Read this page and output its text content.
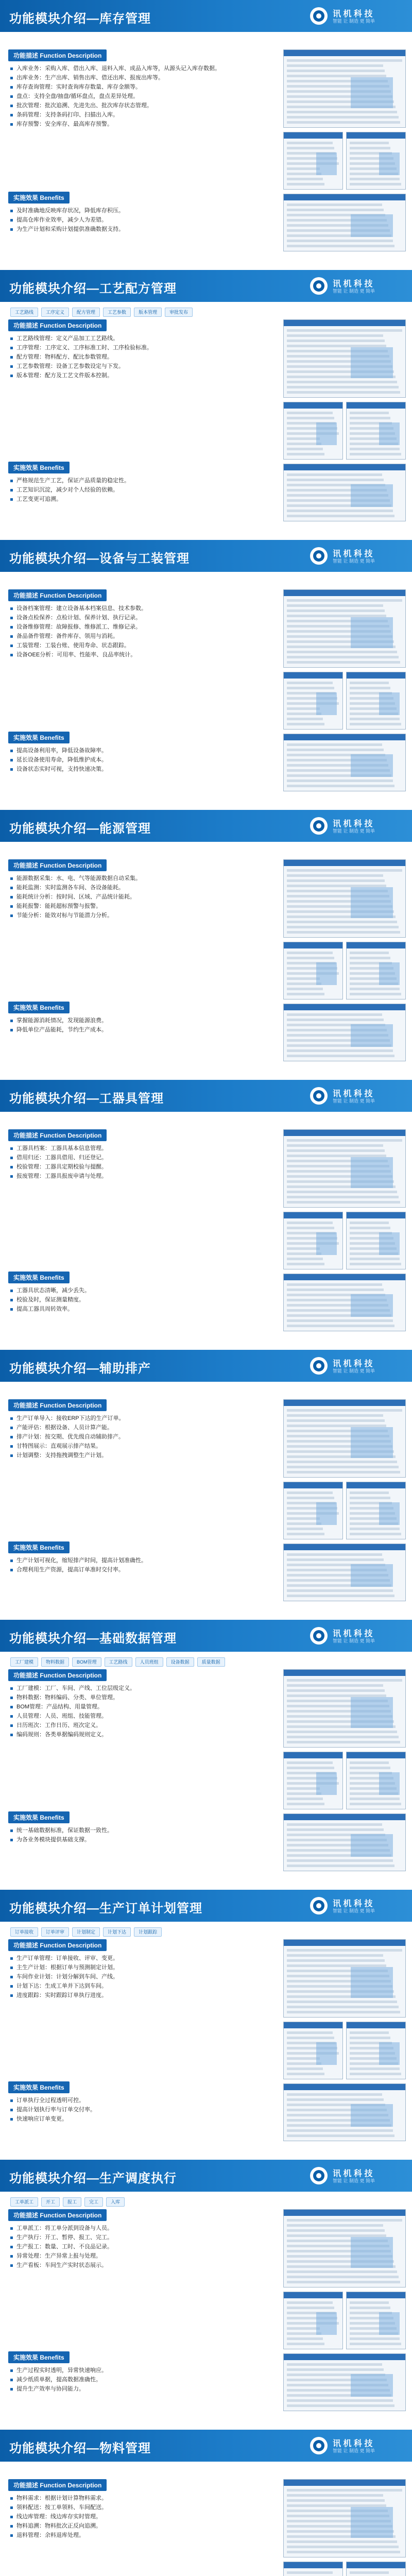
功能模块介绍—库存管理	讯 机 科 技
智能 让 制造 更 简单
功能描述 Function Description
入库业务：采购入库、借出入库、退料入库、成品入库等，从源头记入库存数据。
出库业务：生产出库、销售出库、借还出库、报废出库等。
库存查询管理：实时查询库存数量、库存金额等。
盘点：支持全盘/抽盘/循环盘点，盘点差异处理。
批次管理：批次追溯、先进先出、批次库存状态管理。
条码管理：支持条码打印、扫描出入库。
库存预警：安全库存、最高库存预警。
实施效果 Benefits
及时准确地反映库存状况，降低库存积压。
提高仓库作业效率，减少人为差错。
为生产计划和采购计划提供准确数据支持。
功能模块介绍—工艺配方管理	讯 机 科 技
智能 让 制造 更 简单
工艺路线	工序定义	配方管理	工艺参数	版本管理	审批发布
功能描述 Function Description
工艺路线管理：定义产品加工工艺路线。
工序管理：工序定义、工序标准工时、工序检验标准。
配方管理：物料配方、配比参数管理。
工艺参数管理：设备工艺参数设定与下发。
版本管理：配方及工艺文件版本控制。
实施效果 Benefits
严格规范生产工艺，保证产品质量的稳定性。
工艺知识沉淀，减少对个人经验的依赖。
工艺变更可追溯。
功能模块介绍—设备与工装管理	讯 机 科 技
智能 让 制造 更 简单
功能描述 Function Description
设备档案管理：建立设备基本档案信息、技术参数。
设备点检保养：点检计划、保养计划、执行记录。
设备维修管理：故障报修、维修派工、维修记录。
备品备件管理：备件库存、领用与消耗。
工装管理：工装台账、使用寿命、状态跟踪。
设备OEE分析：可用率、性能率、良品率统计。
实施效果 Benefits
提高设备利用率，降低设备故障率。
延长设备使用寿命，降低维护成本。
设备状态实时可视，支持快速决策。
功能模块介绍—能源管理	讯 机 科 技
智能 让 制造 更 简单
功能描述 Function Description
能源数据采集：水、电、气等能源数据自动采集。
能耗监测：实时监测各车间、各设备能耗。
能耗统计分析：按时间、区域、产品统计能耗。
能耗报警：能耗超标预警与报警。
节能分析：能效对标与节能潜力分析。
实施效果 Benefits
掌握能源消耗情况，发现能源浪费。
降低单位产品能耗，节约生产成本。
功能模块介绍—工器具管理	讯 机 科 技
智能 让 制造 更 简单
功能描述 Function Description
工器具档案：工器具基本信息管理。
借用归还：工器具借用、归还登记。
校验管理：工器具定期校验与提醒。
报废管理：工器具报废申请与处理。
实施效果 Benefits
工器具状态清晰，减少丢失。
校验及时，保证测量精度。
提高工器具周转效率。
功能模块介绍—辅助排产	讯 机 科 技
智能 让 制造 更 简单
功能描述 Function Description
生产订单导入：接收ERP下达的生产订单。
产能评估：根据设备、人员计算产能。
排产计划：按交期、优先级自动辅助排产。
甘特图展示：直观展示排产结果。
计划调整：支持拖拽调整生产计划。
实施效果 Benefits
生产计划可视化，缩短排产时间，提高计划准确性。
合理利用生产资源，提高订单准时交付率。
功能模块介绍—基础数据管理	讯 机 科 技
智能 让 制造 更 简单
工厂建模	物料数据	BOM管理	工艺路线	人员班组	设备数据	质量数据
功能描述 Function Description
工厂建模：工厂、车间、产线、工位层级定义。
物料数据：物料编码、分类、单位管理。
BOM管理：产品结构、用量管理。
人员管理：人员、班组、技能管理。
日历班次：工作日历、班次定义。
编码规则：各类单据编码规则定义。
实施效果 Benefits
统一基础数据标准，保证数据一致性。
为各业务模块提供基础支撑。
功能模块介绍—生产订单计划管理	讯 机 科 技
智能 让 制造 更 简单
订单接收	订单评审	计划制定	计划下达	计划跟踪
功能描述 Function Description
生产订单管理：订单接收、评审、变更。
主生产计划：根据订单与预测制定计划。
车间作业计划：计划分解到车间、产线。
计划下达：生成工单并下达到车间。
进度跟踪：实时跟踪订单执行进度。
实施效果 Benefits
订单执行全过程透明可控。
提高计划执行率与订单交付率。
快速响应订单变更。
功能模块介绍—生产调度执行	讯 机 科 技
智能 让 制造 更 简单
工单派工	开工	报工	完工	入库
功能描述 Function Description
工单派工：将工单分派到设备与人员。
生产执行：开工、暂停、报工、完工。
生产报工：数量、工时、不良品记录。
异常处理：生产异常上报与处理。
生产看板：车间生产实时状态展示。
实施效果 Benefits
生产过程实时透明，异常快速响应。
减少纸质单据，提高数据准确性。
提升生产效率与协同能力。
功能模块介绍—物料管理	讯 机 科 技
智能 让 制造 更 简单
功能描述 Function Description
物料需求：根据计划计算物料需求。
领料配送：按工单领料、车间配送。
线边库管理：线边库存实时管理。
物料追溯：物料批次正反向追溯。
退料管理：余料退库处理。
